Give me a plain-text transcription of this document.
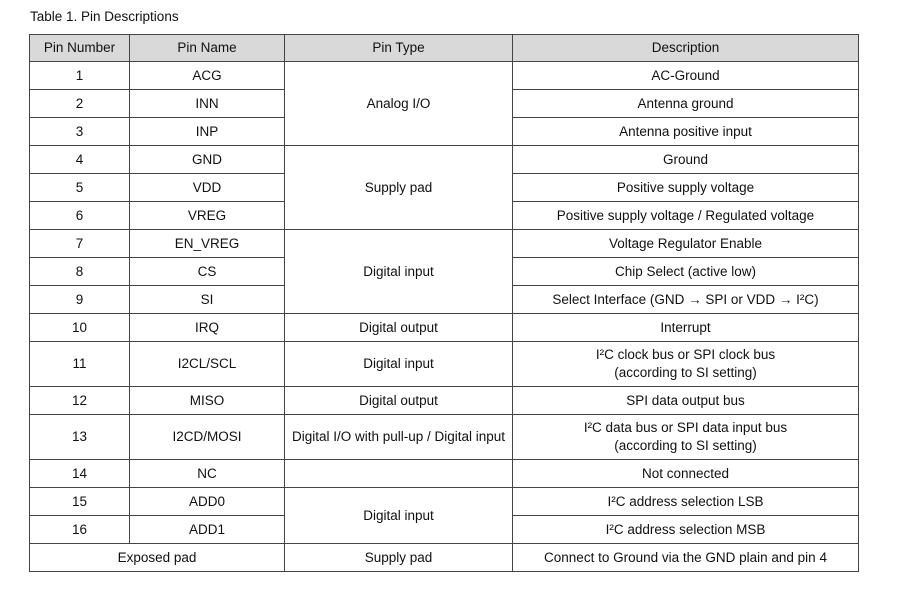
Table 1. Pin Descriptions
Pin Number	Pin Name	Pin Type	Description
1	ACG	Analog I/O	AC-Ground
2	INN		Antenna ground
3	INP		Antenna positive input
4	GND	Supply pad	Ground
5	VDD		Positive supply voltage
6	VREG		Positive supply voltage / Regulated voltage
7	EN_VREG	Digital input	Voltage Regulator Enable
8	CS		Chip Select (active low)
9	SI		Select Interface (GND → SPI or VDD → I²C)
10	IRQ	Digital output	Interrupt
11	I2CL/SCL	Digital input	I²C clock bus or SPI clock bus
(according to SI setting)

12	MISO	Digital output	SPI data output bus
13	I2CD/MOSI	Digital I/O with pull-up / Digital input	I²C data bus or SPI data input bus
(according to SI setting)

14	NC		Not connected
15	ADD0	Digital input	I²C address selection LSB
16	ADD1		I²C address selection MSB
Exposed pad		Supply pad	Connect to Ground via the GND plain and pin 4
